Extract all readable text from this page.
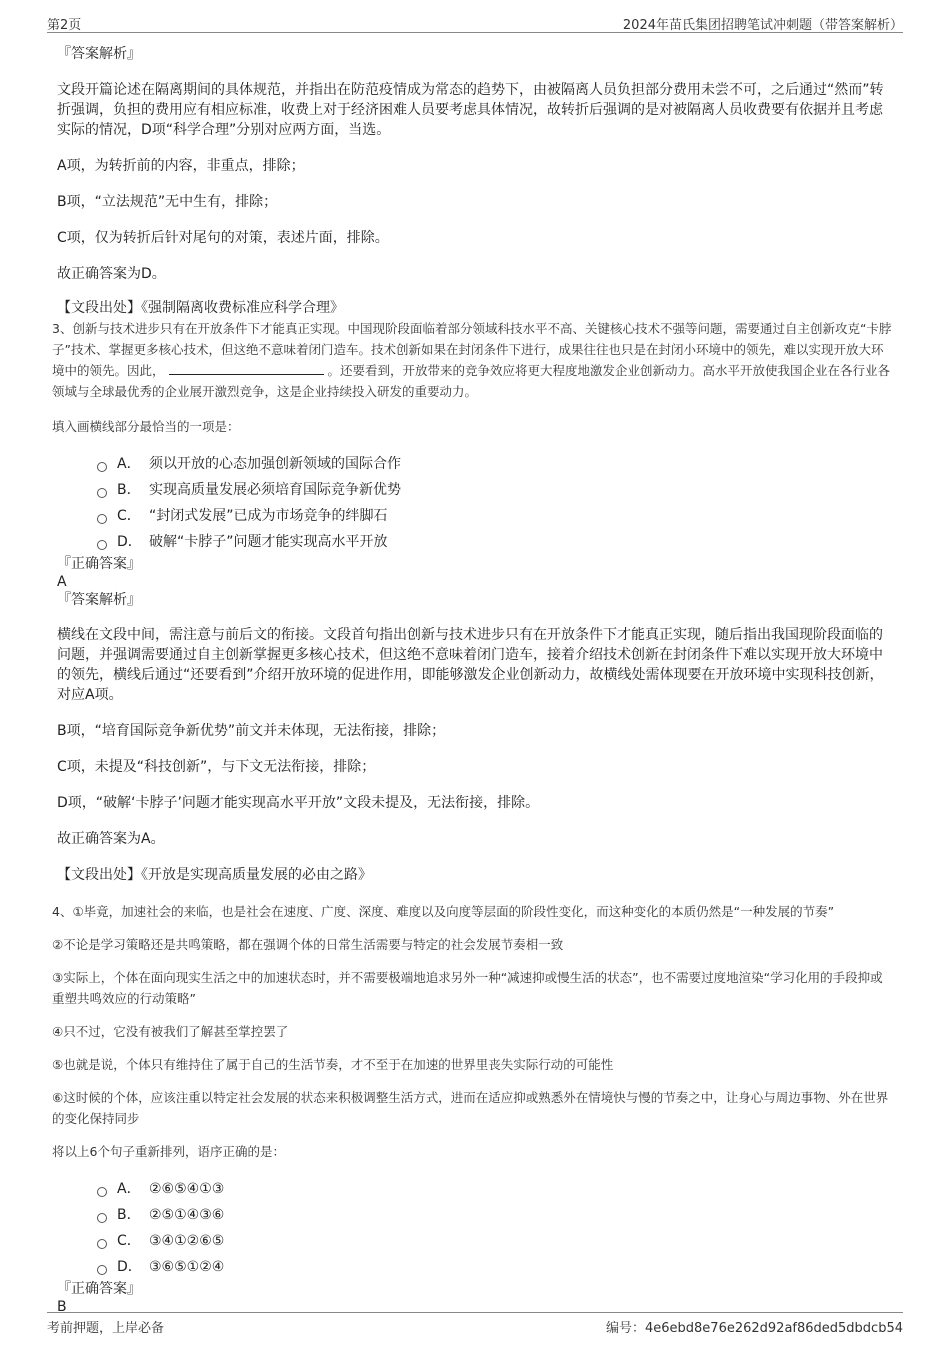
第2页	2024年苗氏集团招聘笔试冲刺题（带答案解析）

『答案解析』

文段开篇论述在隔离期间的具体规范，并指出在防范疫情成为常态的趋势下，由被隔离人员负担部分费用未尝不可，之后通过“然而”转折强调，负担的费用应有相应标准，收费上对于经济困难人员要考虑具体情况，故转折后强调的是对被隔离人员收费要有依据并且考虑实际的情况，D项“科学合理”分别对应两方面，当选。

A项，为转折前的内容，非重点，排除；

B项，“立法规范”无中生有，排除；

C项，仅为转折后针对尾句的对策，表述片面，排除。

故正确答案为D。

【文段出处】《强制隔离收费标准应科学合理》

3、创新与技术进步只有在开放条件下才能真正实现。中国现阶段面临着部分领域科技水平不高、关键核心技术不强等问题，需要通过自主创新攻克“卡脖子”技术、掌握更多核心技术，但这绝不意味着闭门造车。技术创新如果在封闭条件下进行，成果往往也只是在封闭小环境中的领先，难以实现开放大环境中的领先。因此，	。还要看到，开放带来的竞争效应将更大程度地激发企业创新动力。高水平开放使我国企业在各行业各领域与全球最优秀的企业展开激烈竞争，这是企业持续投入研发的重要动力。

填入画横线部分最恰当的一项是：

A． 须以开放的心态加强创新领域的国际合作
B． 实现高质量发展必须培育国际竞争新优势
C． “封闭式发展”已成为市场竞争的绊脚石
D． 破解“卡脖子”问题才能实现高水平开放

『正确答案』

A

『答案解析』

横线在文段中间，需注意与前后文的衔接。文段首句指出创新与技术进步只有在开放条件下才能真正实现，随后指出我国现阶段面临的问题，并强调需要通过自主创新掌握更多核心技术，但这绝不意味着闭门造车，接着介绍技术创新在封闭条件下难以实现开放大环境中的领先，横线后通过“还要看到”介绍开放环境的促进作用，即能够激发企业创新动力，故横线处需体现要在开放环境中实现科技创新，对应A项。

B项，“培育国际竞争新优势”前文并未体现，无法衔接，排除；

C项，未提及“科技创新”，与下文无法衔接，排除；

D项，“破解‘卡脖子’问题才能实现高水平开放”文段未提及，无法衔接，排除。

故正确答案为A。

【文段出处】《开放是实现高质量发展的必由之路》

4、①毕竟，加速社会的来临，也是社会在速度、广度、深度、难度以及向度等层面的阶段性变化，而这种变化的本质仍然是“一种发展的节奏”

②不论是学习策略还是共鸣策略，都在强调个体的日常生活需要与特定的社会发展节奏相一致

③实际上，个体在面向现实生活之中的加速状态时，并不需要极端地追求另外一种“减速抑或慢生活的状态”，也不需要过度地渲染“学习化用的手段抑或重塑共鸣效应的行动策略”

④只不过，它没有被我们了解甚至掌控罢了

⑤也就是说，个体只有维持住了属于自己的生活节奏，才不至于在加速的世界里丧失实际行动的可能性

⑥这时候的个体，应该注重以特定社会发展的状态来积极调整生活方式，进而在适应抑或熟悉外在情境快与慢的节奏之中，让身心与周边事物、外在世界的变化保持同步

将以上6个句子重新排列，语序正确的是：

A． ②⑥⑤④①③
B． ②⑤①④③⑥
C． ③④①②⑥⑤
D． ③⑥⑤①②④

『正确答案』

B

考前押题，上岸必备	编号：4e6ebd8e76e262d92af86ded5dbdcb54
